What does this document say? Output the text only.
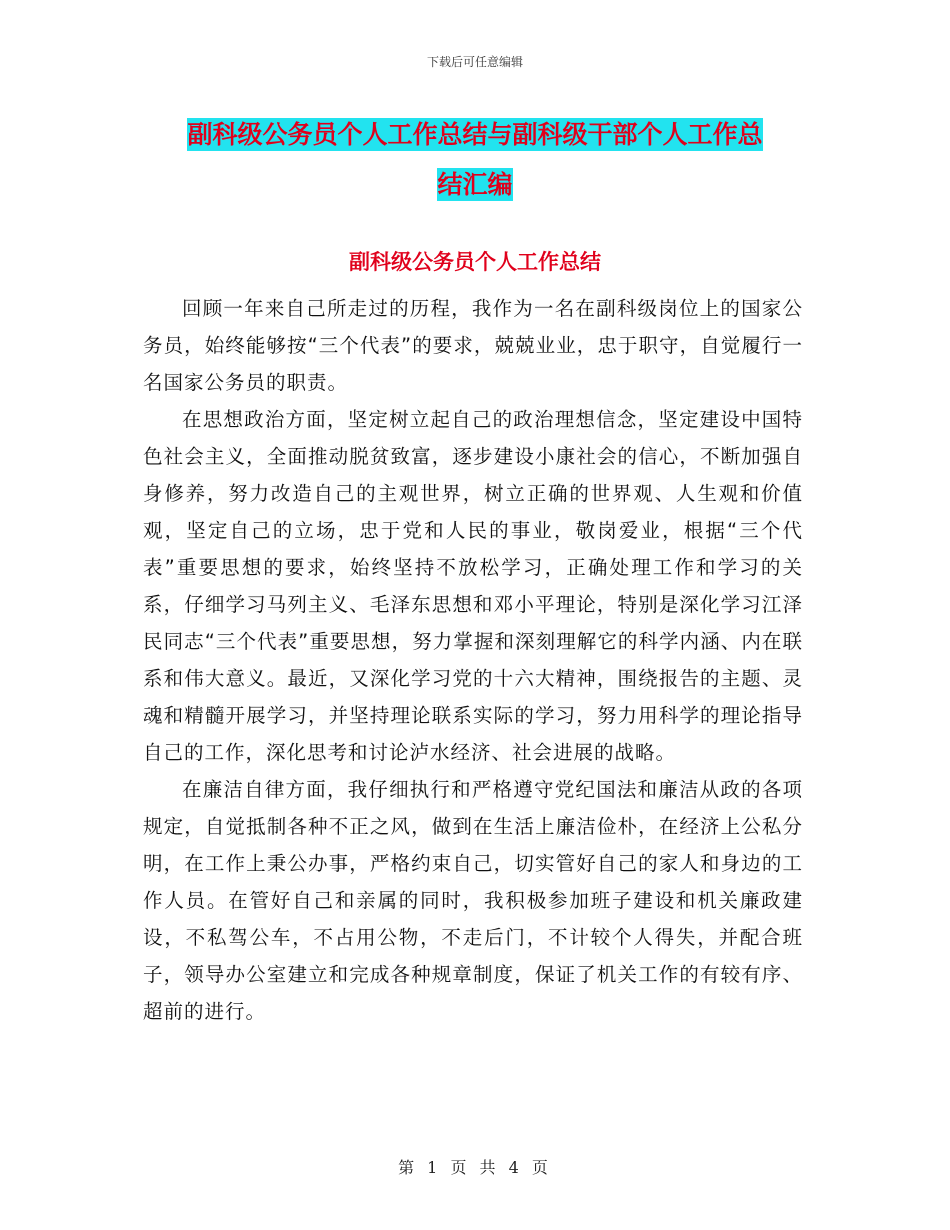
下载后可任意编辑
副科级公务员个人工作总结与副科级干部个人工作总
结汇编
副科级公务员个人工作总结

回顾一年来自己所走过的历程，我作为一名在副科级岗位上的国家公务员，始终能够按“三个代表”的要求，兢兢业业，忠于职守，自觉履行一名国家公务员的职责。

在思想政治方面，坚定树立起自己的政治理想信念，坚定建设中国特色社会主义，全面推动脱贫致富，逐步建设小康社会的信心，不断加强自身修养，努力改造自己的主观世界，树立正确的世界观、人生观和价值观，坚定自己的立场，忠于党和人民的事业，敬岗爱业，根据“三个代表”重要思想的要求，始终坚持不放松学习，正确处理工作和学习的关系，仔细学习马列主义、毛泽东思想和邓小平理论，特别是深化学习江泽民同志“三个代表”重要思想，努力掌握和深刻理解它的科学内涵、内在联系和伟大意义。最近，又深化学习党的十六大精神，围绕报告的主题、灵魂和精髓开展学习，并坚持理论联系实际的学习，努力用科学的理论指导自己的工作，深化思考和讨论泸水经济、社会进展的战略。

在廉洁自律方面，我仔细执行和严格遵守党纪国法和廉洁从政的各项规定，自觉抵制各种不正之风，做到在生活上廉洁俭朴，在经济上公私分明，在工作上秉公办事，严格约束自己，切实管好自己的家人和身边的工作人员。在管好自己和亲属的同时，我积极参加班子建设和机关廉政建设，不私驾公车，不占用公物，不走后门，不计较个人得失，并配合班子，领导办公室建立和完成各种规章制度，保证了机关工作的有较有序、超前的进行。

第 1 页 共 4 页
